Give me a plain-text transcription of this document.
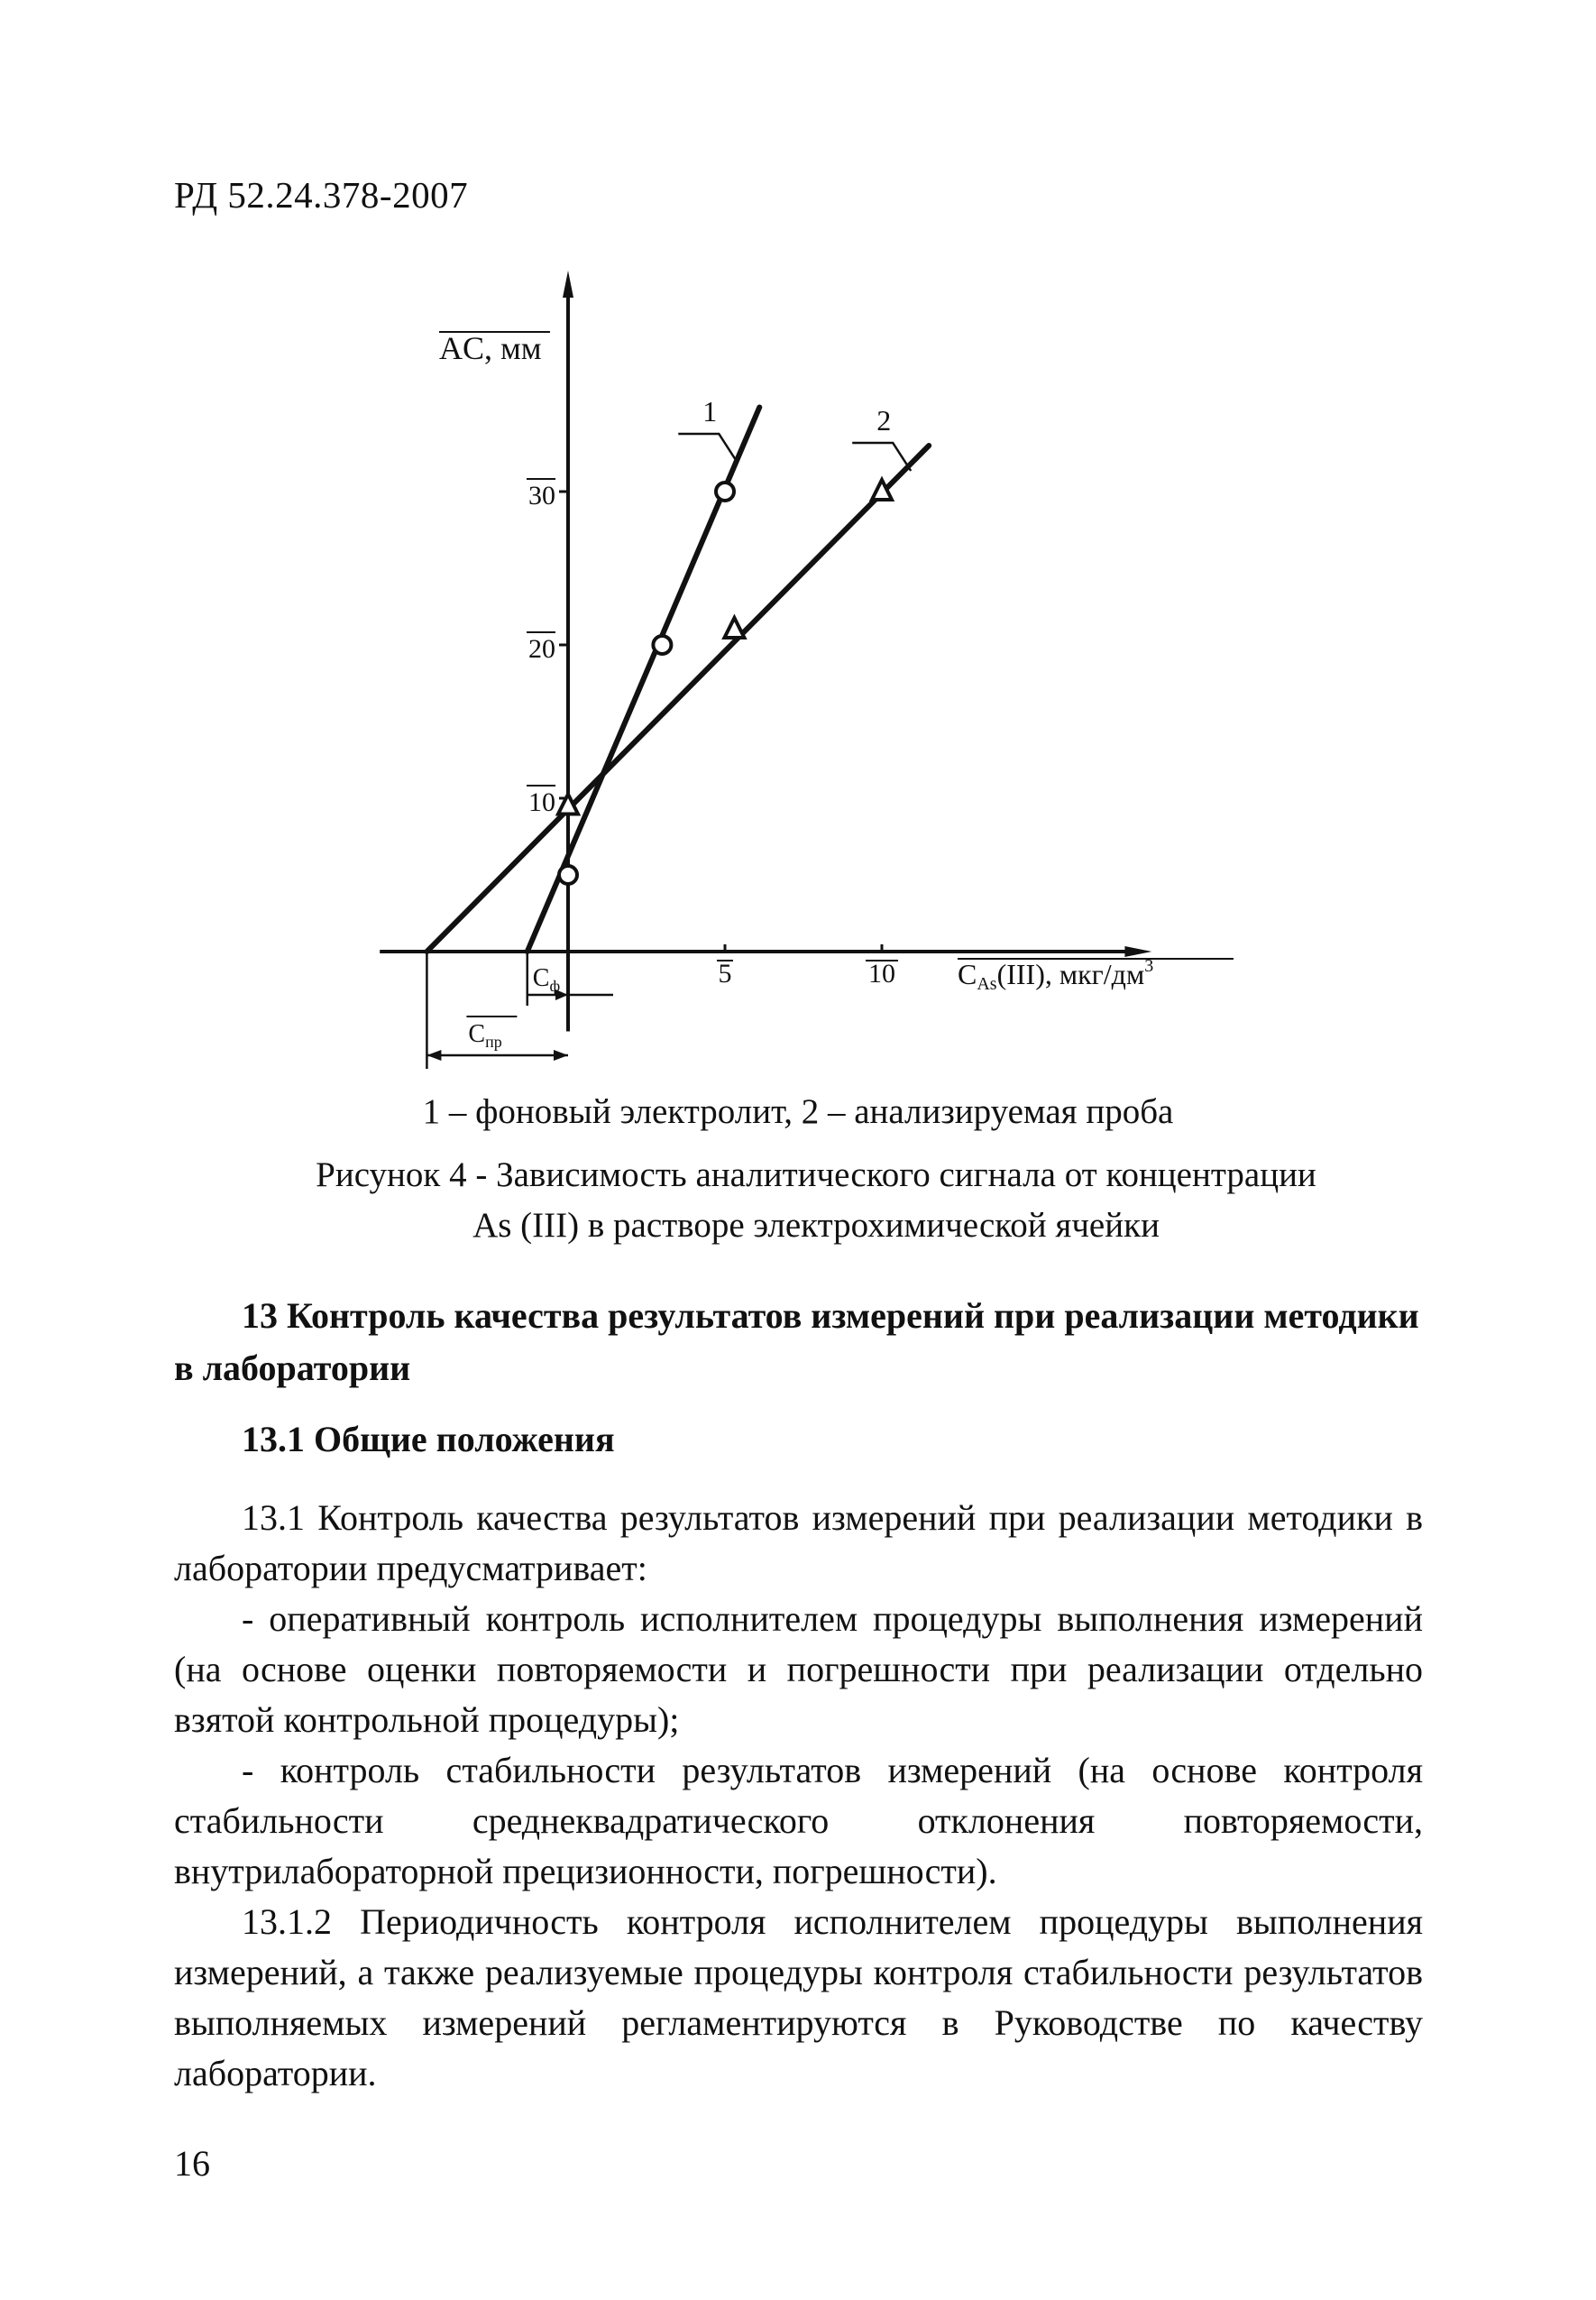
РД 52.24.378-2007
10
20
30
5	10
AC, мм
CAs(III), мкг/$дм^3$
1	2
$C_ф$
$C_{пр}$
1 – фоновый электролит, 2 – анализируемая проба
Рисунок 4 - Зависимость аналитического сигнала от концентрации
As (III) в растворе электрохимической ячейки
13 Контроль качества результатов измерений при реализации методики в лаборатории
13.1 Общие положения

13.1 Контроль качества результатов измерений при реализации методики в лаборатории предусматривает:

- оперативный контроль исполнителем процедуры выполнения измерений (на основе оценки повторяемости и погрешности при реализации отдельно взятой контрольной процедуры);

- контроль стабильности результатов измерений (на основе контроля стабильности среднеквадратического отклонения повторяемости, внутрилабораторной прецизионности, погрешности).

13.1.2 Периодичность контроля исполнителем процедуры выполнения измерений, а также реализуемые процедуры контроля стабильности результатов выполняемых измерений регламентируются в Руководстве по качеству лаборатории.

16
